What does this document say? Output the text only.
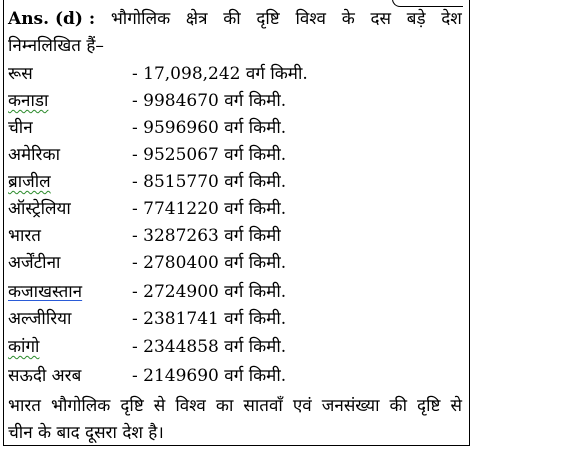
Ans. (d) : भौगोलिक क्षेत्र की दृष्टि विश्व के दस बड़े देश
निम्नलिखित हैं–
रूस	- 17,098,242 वर्ग किमी.
कनाडा	- 9984670 वर्ग किमी.
चीन	- 9596960 वर्ग किमी.
अमेरिका	- 9525067 वर्ग किमी.
ब्राजील	- 8515770 वर्ग किमी.
ऑस्ट्रेलिया	- 7741220 वर्ग किमी.
भारत	- 3287263 वर्ग किमी
अर्जेंटीना	- 2780400 वर्ग किमी.
कजाखस्तान	- 2724900 वर्ग किमी.
अल्जीरिया	- 2381741 वर्ग किमी.
कांगो	- 2344858 वर्ग किमी.
सऊदी अरब	- 2149690 वर्ग किमी.
भारत भौगोलिक दृष्टि से विश्व का सातवाँ एवं जनसंख्या की दृष्टि से
चीन के बाद दूसरा देश है।
